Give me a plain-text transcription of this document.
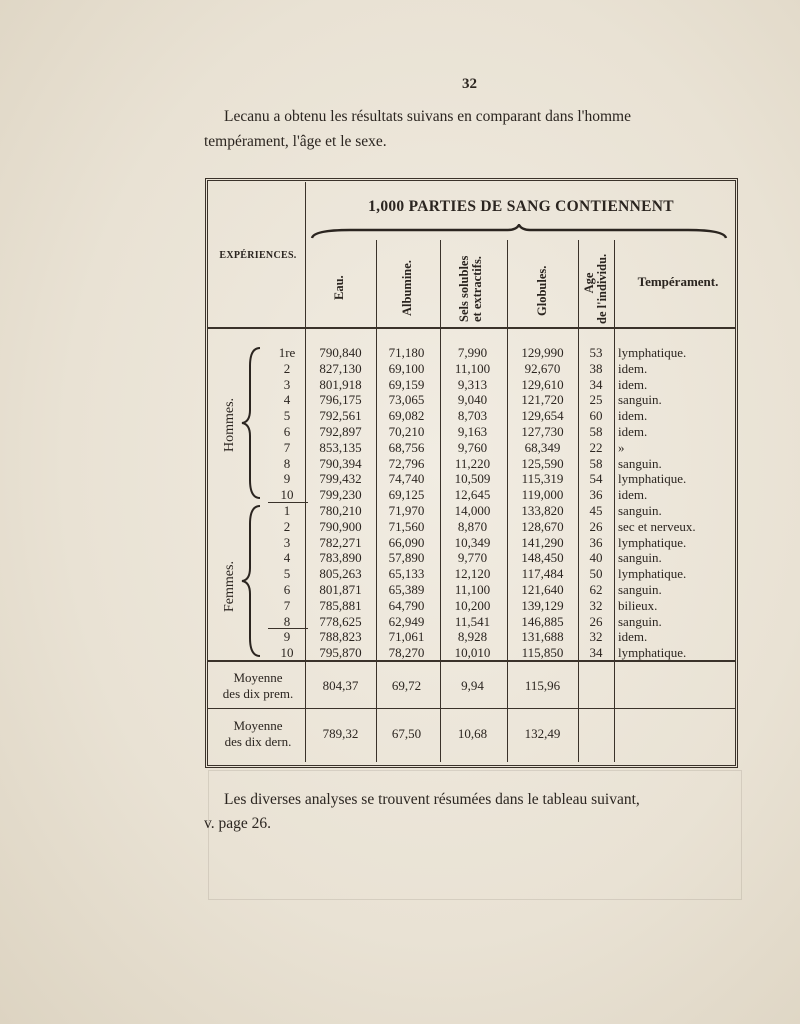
32

Lecanu a obtenu les résultats suivans en comparant dans l'homme

tempérament, l'âge et le sexe.

1,000 PARTIES DE SANG CONTIENNENT
EXPÉRIENCES.
Eau.	Albumine.	Sels solubles et extractifs.	Globules.	Age de l'individu.	Tempérament.
Hommes.
Femmes.
1re	790,840	71,180	7,990	129,990	53	lymphatique.
2	827,130	69,100	11,100	92,670	38	idem.
3	801,918	69,159	9,313	129,610	34	idem.
4	796,175	73,065	9,040	121,720	25	sanguin.
5	792,561	69,082	8,703	129,654	60	idem.
6	792,897	70,210	9,163	127,730	58	idem.
7	853,135	68,756	9,760	68,349	22	»
8	790,394	72,796	11,220	125,590	58	sanguin.
9	799,432	74,740	10,509	115,319	54	lymphatique.
10	799,230	69,125	12,645	119,000	36	idem.
1	780,210	71,970	14,000	133,820	45	sanguin.
2	790,900	71,560	8,870	128,670	26	sec et nerveux.
3	782,271	66,090	10,349	141,290	36	lymphatique.
4	783,890	57,890	9,770	148,450	40	sanguin.
5	805,263	65,133	12,120	117,484	50	lymphatique.
6	801,871	65,389	11,100	121,640	62	sanguin.
7	785,881	64,790	10,200	139,129	32	bilieux.
8	778,625	62,949	11,541	146,885	26	sanguin.
9	788,823	71,061	8,928	131,688	32	idem.
10	795,870	78,270	10,010	115,850	34	lymphatique.
Moyenne
des dix prem.
804,37	69,72	9,94	115,96
Moyenne
des dix dern.
789,32	67,50	10,68	132,49

Les diverses analyses se trouvent résumées dans le tableau suivant,

v. page 26.
